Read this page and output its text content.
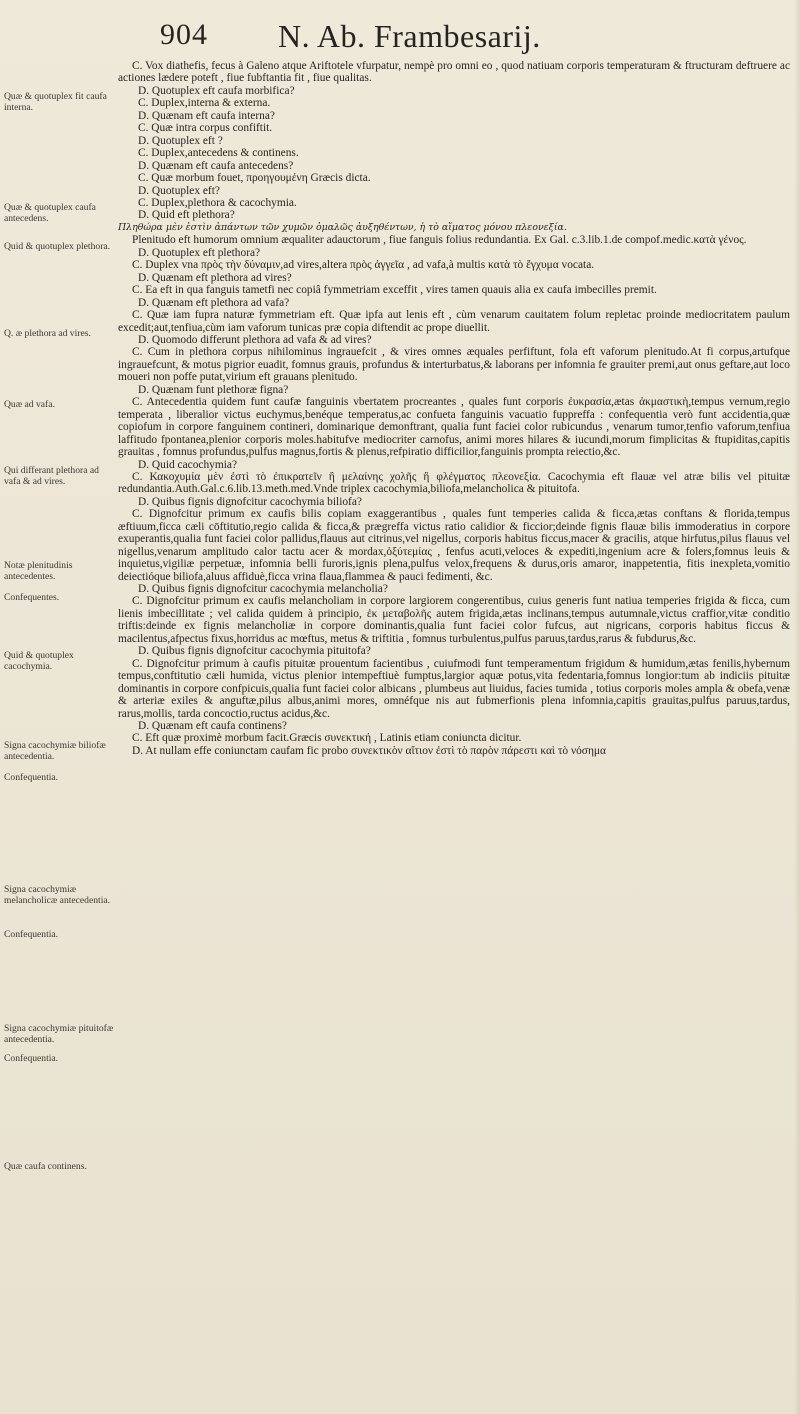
904 N. Ab. Frambesarij.
Quæ & quotuplex fit caufa interna.
Quæ & quotuplex caufa antecedens.
Quid & quotuplex plethora.
Q. æ plethora ad vires.
Quæ ad vafa.
Qui differant plethora ad vafa & ad vires.
Notæ plenitudinis antecedentes.
Confequentes.
Quid & quotuplex cacochymia.
Signa cacochymiæ biliofæ antecedentia.
Confequentia.
Signa cacochymiæ melancholicæ antecedentia.
Confequentia.
Signa cacochymiæ pituitofæ antecedentia.
Confequentia.
Quæ caufa continens.

C. Vox diathefis, fecus à Galeno atque Ariftotele vfurpatur, nempè pro omni eo , quod natiuam corporis temperaturam & ftructuram deftruere ac actiones lædere poteft , fiue fubftantia fit , fiue qualitas.

D. Quotuplex eft caufa morbifica?

C. Duplex,interna & externa.

D. Quænam eft caufa interna?

C. Quæ intra corpus confiftit.

D. Quotuplex eft ?

C. Duplex,antecedens & continens.

D. Quænam eft caufa antecedens?

C. Quæ morbum fouet, προηγουμένη Græcis dicta.

D. Quotuplex eft?

C. Duplex,plethora & cacochymia.

D. Quid eft plethora?

Πληθώρα μὲν ἐστὶν ἀπάντων τῶν χυμῶν ὁμαλῶς ἀυξηθέντων, ἡ τὸ αἵματος μόνου πλεονεξία.

Plenitudo eft humorum omnium æqualiter adauctorum , fiue fanguis folius redundantia. Ex Gal. c.3.lib.1.de compof.medic.κατὰ γένος.

D. Quotuplex eft plethora?

C. Duplex vna πρὸς τὴν δύναμιν,ad vires,altera πρὸς ἀγγεῖα , ad vafa,à multis κατὰ τὸ ἔγχυμα vocata.

D. Quænam eft plethora ad vires?

C. Ea eft in qua fanguis tametfi nec copiâ fymmetriam exceffit , vires tamen quauis alia ex caufa imbecilles premit.

D. Quænam eft plethora ad vafa?

C. Quæ iam fupra naturæ fymmetriam eft. Quæ ipfa aut lenis eft , cùm venarum cauitatem folum repletac proinde mediocritatem paulum excedit;aut,tenfiua,cùm iam vaforum tunicas præ copia diftendit ac prope diuellit.

D. Quomodo differunt plethora ad vafa & ad vires?

C. Cum in plethora corpus nihilominus ingrauefcit , & vires omnes æquales perfiftunt, fola eft vaforum plenitudo.At fi corpus,artufque ingrauefcunt, & motus pigrior euadit, fomnus grauis, profundus & interturbatus,& laborans per infomnia fe grauiter premi,aut onus geftare,aut loco moueri non poffe putat,virium eft grauans plenitudo.

D. Quænam funt plethoræ figna?

C. Antecedentia quidem funt caufæ fanguinis vbertatem procreantes , quales funt corporis ἐυκρασία,ætas ἀκμαστικὴ,tempus vernum,regio temperata , liberalior victus euchymus,benéque temperatus,ac confueta fanguinis vacuatio fuppreffa : confequentia verò funt accidentia,quæ copiofum in corpore fanguinem contineri, dominarique demonftrant, qualia funt faciei color rubicundus , venarum tumor,tenfio vaforum,tenfiua laffitudo fpontanea,plenior corporis moles.habitufve mediocriter carnofus, animi mores hilares & iucundi,morum fimplicitas & ftupiditas,capitis grauitas , fomnus profundus,pulfus magnus,fortis & plenus,refpiratio difficilior,fanguinis prompta reiectio,&c.

D. Quid cacochymia?

C. Κακοχυμία μὲν ἐστὶ τὸ ἐπικρατεῖν ἢ μελαίνης χολῆς ἢ φλέγματος πλεονεξία. Cacochymia eft flauæ vel atræ bilis vel pituitæ redundantia.Auth.Gal.c.6.lib.13.meth.med.Vnde triplex cacochymia,biliofa,melancholica & pituitofa.

D. Quibus fignis dignofcitur cacochymia biliofa?

C. Dignofcitur primum ex caufis bilis copiam exaggerantibus , quales funt temperies calida & ficca,ætas conftans & florida,tempus æftiuum,ficca cæli cōftitutio,regio calida & ficca,& prægreffa victus ratio calidior & ficcior;deinde fignis flauæ bilis immoderatius in corpore exuperantis,qualia funt faciei color pallidus,flauus aut citrinus,vel nigellus, corporis habitus ficcus,macer & gracilis, atque hirfutus,pilus flauus vel nigellus,venarum amplitudo calor tactu acer & mordax,ὀξύτεμίας , fenfus acuti,veloces & expediti,ingenium acre & folers,fomnus leuis & inquietus,vigiliæ perpetuæ, infomnia belli furoris,ignis plena,pulfus velox,frequens & durus,oris amaror, inappetentia, fitis inexpleta,vomitio deiectióque biliofa,aluus affiduè,ficca vrina flaua,flammea & pauci fedimenti, &c.

D. Quibus fignis dignofcitur cacochymia melancholia?

C. Dignofcitur primum ex caufis melancholiam in corpore largiorem congerentibus, cuius generis funt natiua temperies frigida & ficca, cum lienis imbecillitate ; vel calida quidem à principio, ἐκ μεταβολῆς autem frigida,ætas inclinans,tempus autumnale,victus craffior,vitæ conditio triftis:deinde ex fignis melancholiæ in corpore dominantis,qualia funt faciei color fufcus, aut nigricans, corporis habitus ficcus & macilentus,afpectus fixus,horridus ac mœftus, metus & triftitia , fomnus turbulentus,pulfus paruus,tardus,rarus & fubdurus,&c.

D. Quibus fignis dignofcitur cacochymia pituitofa?

C. Dignofcitur primum à caufis pituitæ prouentum facientibus , cuiufmodi funt temperamentum frigidum & humidum,ætas fenilis,hybernum tempus,conftitutio cæli humida, victus plenior intempeftiuè fumptus,largior aquæ potus,vita fedentaria,fomnus longior:tum ab indiciis pituitæ dominantis in corpore confpicuis,qualia funt faciei color albicans , plumbeus aut liuidus, facies tumida , totius corporis moles ampla & obefa,venæ & arteriæ exiles & anguftæ,pilus albus,animi mores, omnéfque nis aut fubmerfionis plena infomnia,capitis grauitas,pulfus paruus,tardus, rarus,mollis, tarda concoctio,ructus acidus,&c.

D. Quænam eft caufa continens?

C. Eft quæ proximè morbum facit.Græcis συνεκτική , Latinis etiam coniuncta dicitur.

D. At nullam effe coniunctam caufam fic probo συνεκτικὸν αἴτιον ἐστὶ τὸ παρὸν πάρεστι καὶ τὸ νόσημα
